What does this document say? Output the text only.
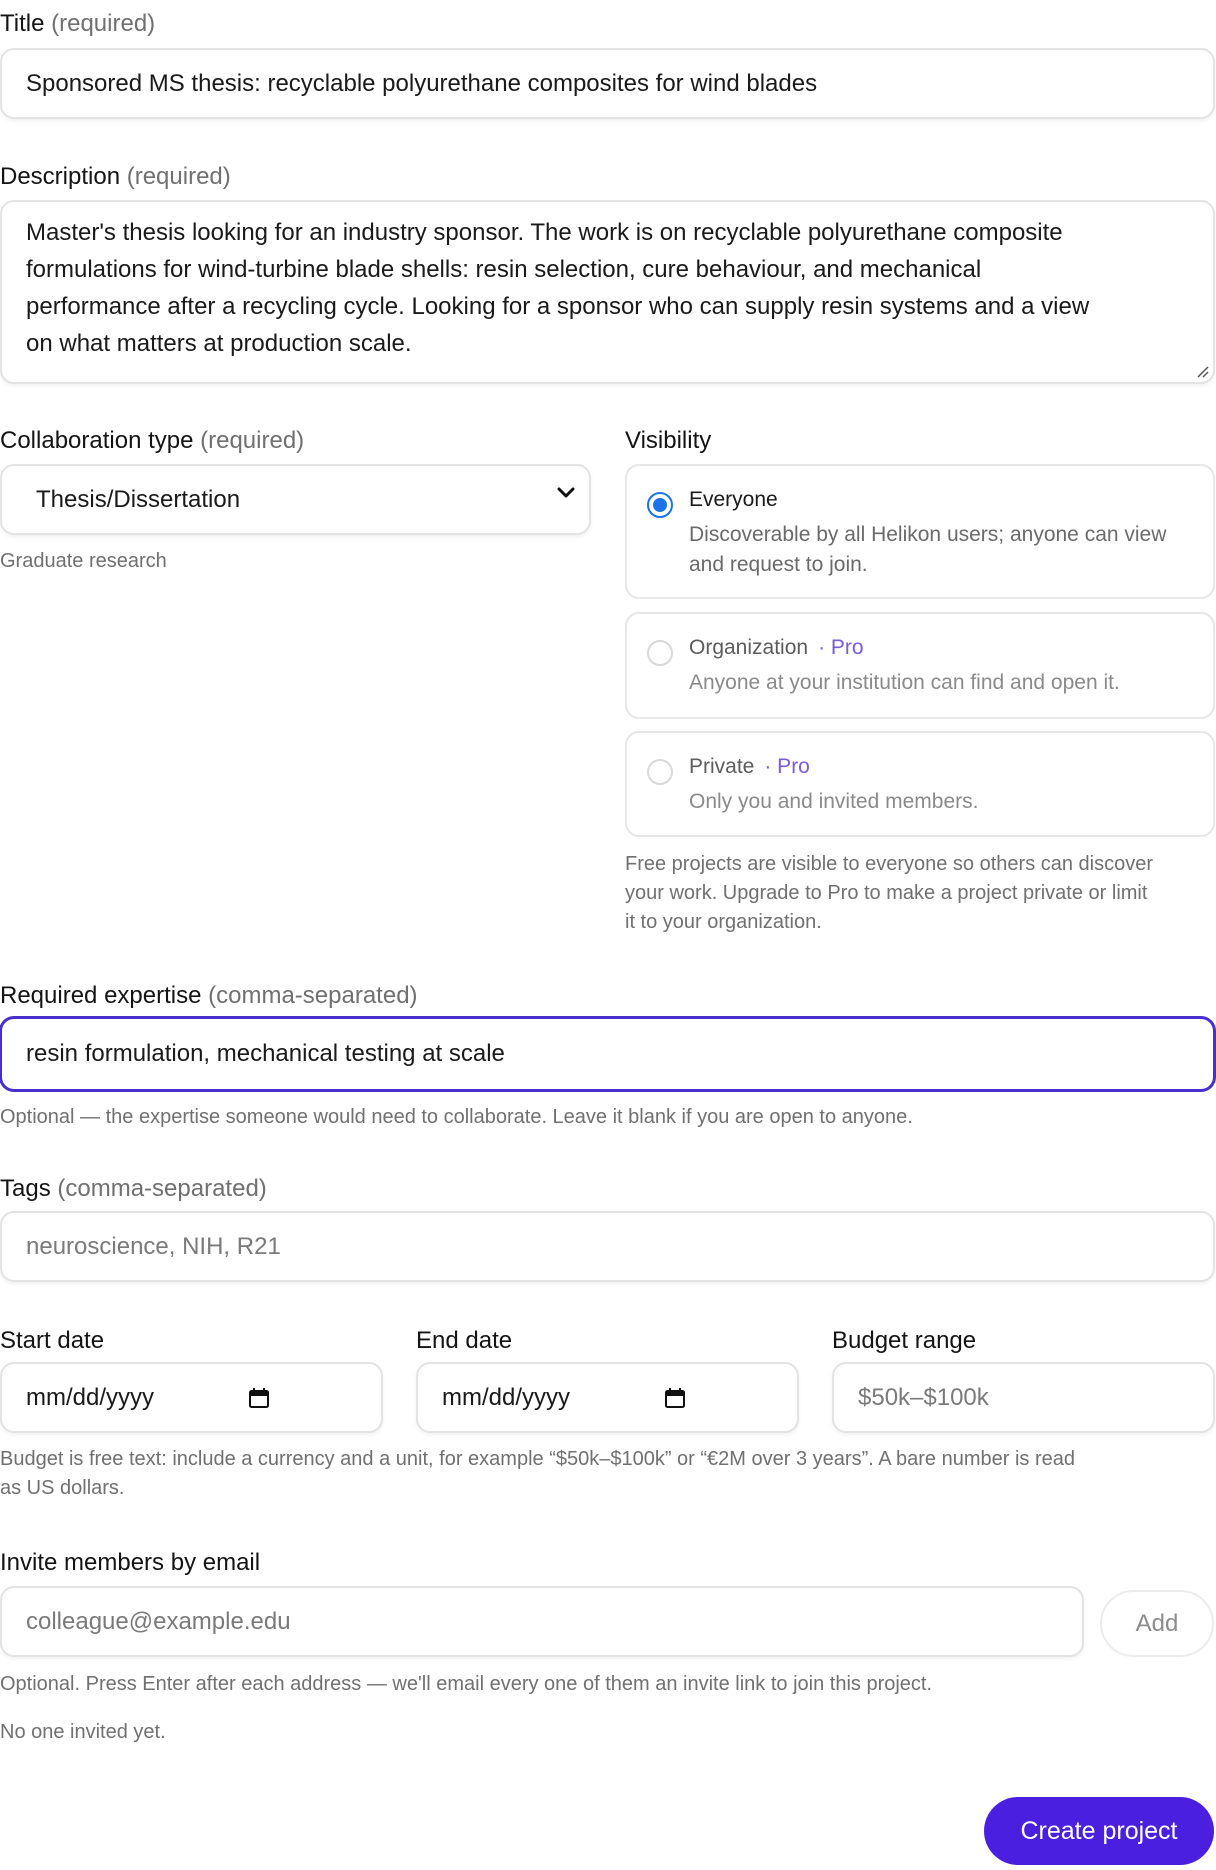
Title (required)
Sponsored MS thesis: recyclable polyurethane composites for wind blades
Description (required)
Master's thesis looking for an industry sponsor. The work is on recyclable polyurethane composite
formulations for wind-turbine blade shells: resin selection, cure behaviour, and mechanical
performance after a recycling cycle. Looking for a sponsor who can supply resin systems and a view
on what matters at production scale.
Collaboration type (required)
Thesis/Dissertation
Graduate research
Visibility
Everyone
Discoverable by all Helikon users; anyone can view
and request to join.
Organization · Pro
Anyone at your institution can find and open it.
Private · Pro
Only you and invited members.
Free projects are visible to everyone so others can discover
your work. Upgrade to Pro to make a project private or limit
it to your organization.
Required expertise (comma-separated)
resin formulation, mechanical testing at scale
Optional — the expertise someone would need to collaborate. Leave it blank if you are open to anyone.
Tags (comma-separated)
neuroscience, NIH, R21
Start date
mm/dd/yyyy
End date
mm/dd/yyyy
Budget range
$50k–$100k
Budget is free text: include a currency and a unit, for example “$50k–$100k” or “€2M over 3 years”. A bare number is read
as US dollars.
Invite members by email
colleague@example.edu	Add
Optional. Press Enter after each address — we'll email every one of them an invite link to join this project.
No one invited yet.
Create project
